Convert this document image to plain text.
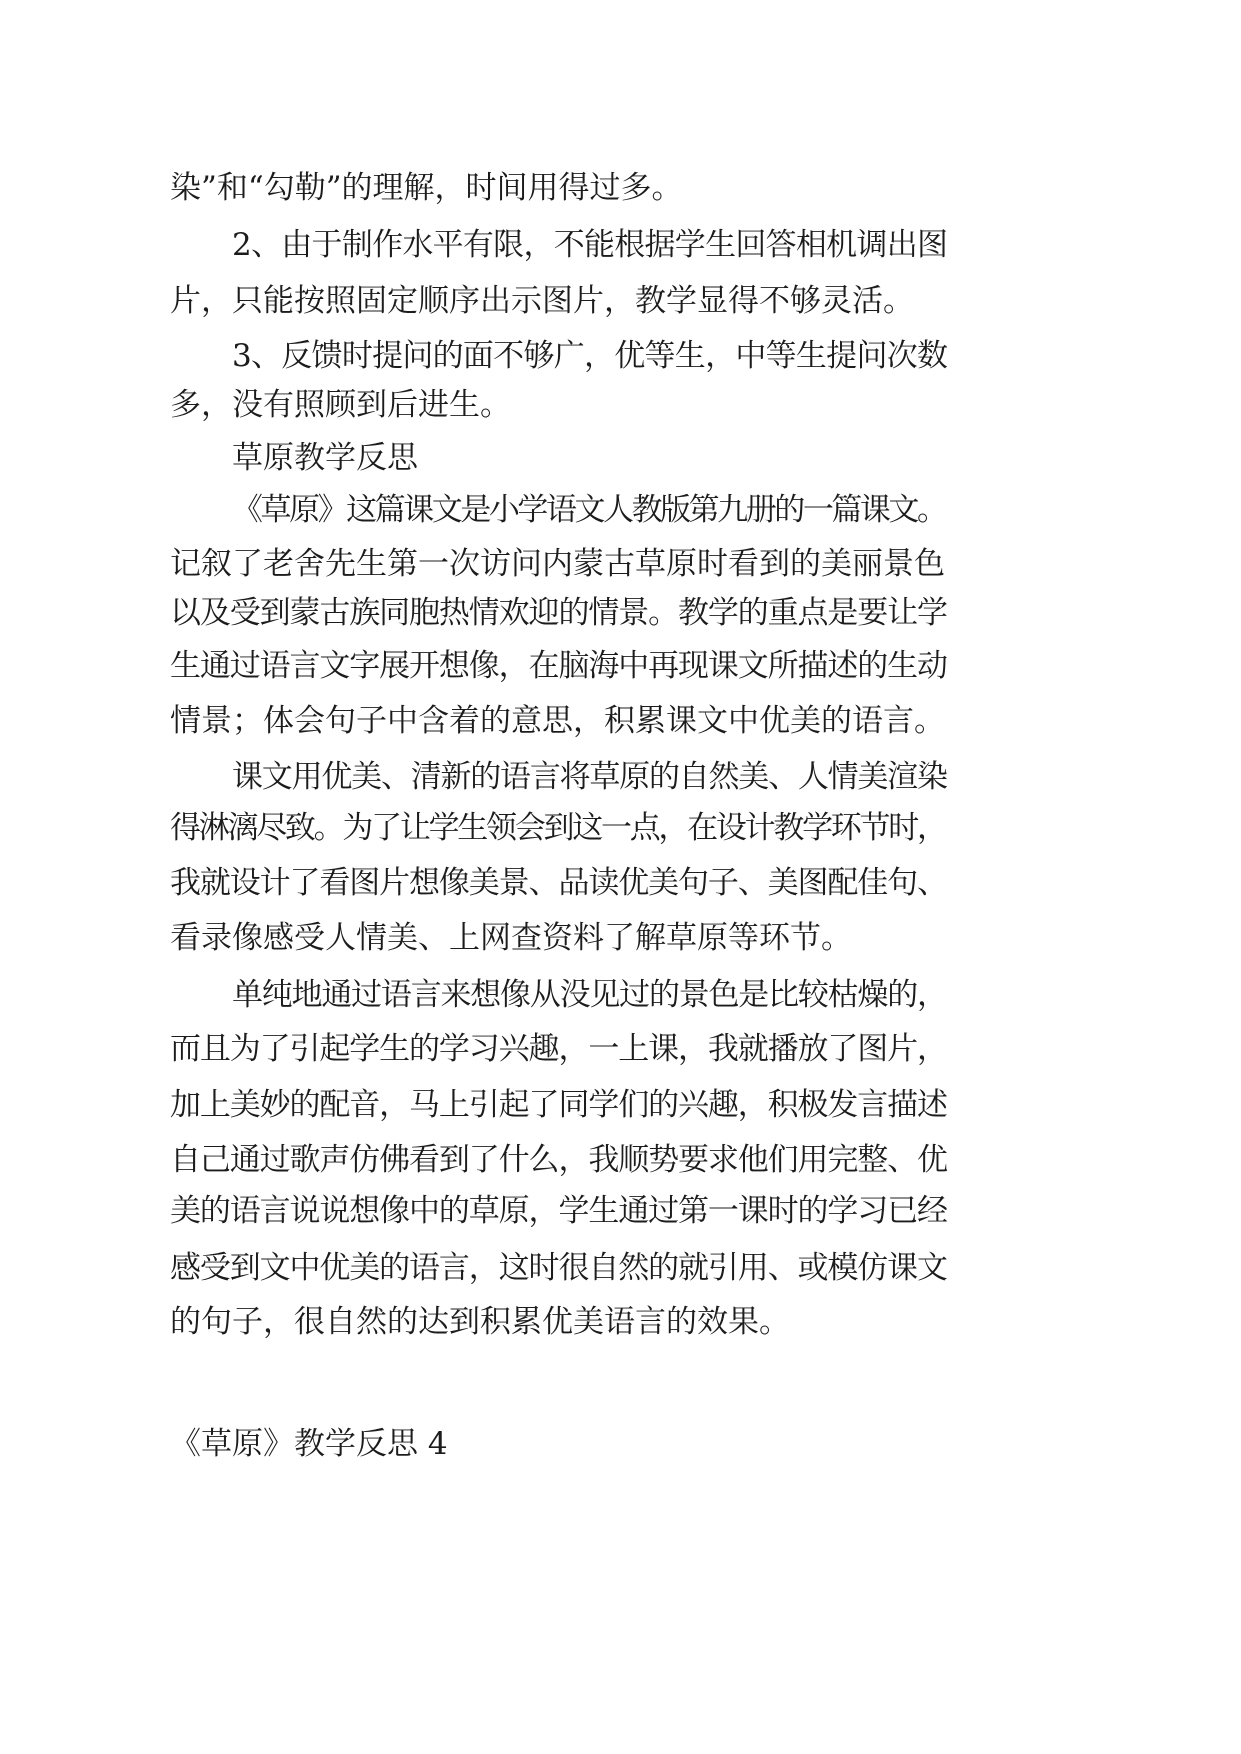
染”和“勾勒”的理解，时间用得过多。
2、由于制作水平有限，不能根据学生回答相机调出图
片，只能按照固定顺序出示图片，教学显得不够灵活。
3、反馈时提问的面不够广，优等生，中等生提问次数
多，没有照顾到后进生。
草原教学反思
《草原》这篇课文是小学语文人教版第九册的一篇课文。
记叙了老舍先生第一次访问内蒙古草原时看到的美丽景色
以及受到蒙古族同胞热情欢迎的情景。教学的重点是要让学
生通过语言文字展开想像，在脑海中再现课文所描述的生动
情景；体会句子中含着的意思，积累课文中优美的语言。
课文用优美、清新的语言将草原的自然美、人情美渲染
得淋漓尽致。为了让学生领会到这一点，在设计教学环节时，
我就设计了看图片想像美景、品读优美句子、美图配佳句、
看录像感受人情美、上网查资料了解草原等环节。
单纯地通过语言来想像从没见过的景色是比较枯燥的，
而且为了引起学生的学习兴趣，一上课，我就播放了图片，
加上美妙的配音，马上引起了同学们的兴趣，积极发言描述
自己通过歌声仿佛看到了什么，我顺势要求他们用完整、优
美的语言说说想像中的草原，学生通过第一课时的学习已经
感受到文中优美的语言，这时很自然的就引用、或模仿课文
的句子，很自然的达到积累优美语言的效果。
《草原》教学反思 4
